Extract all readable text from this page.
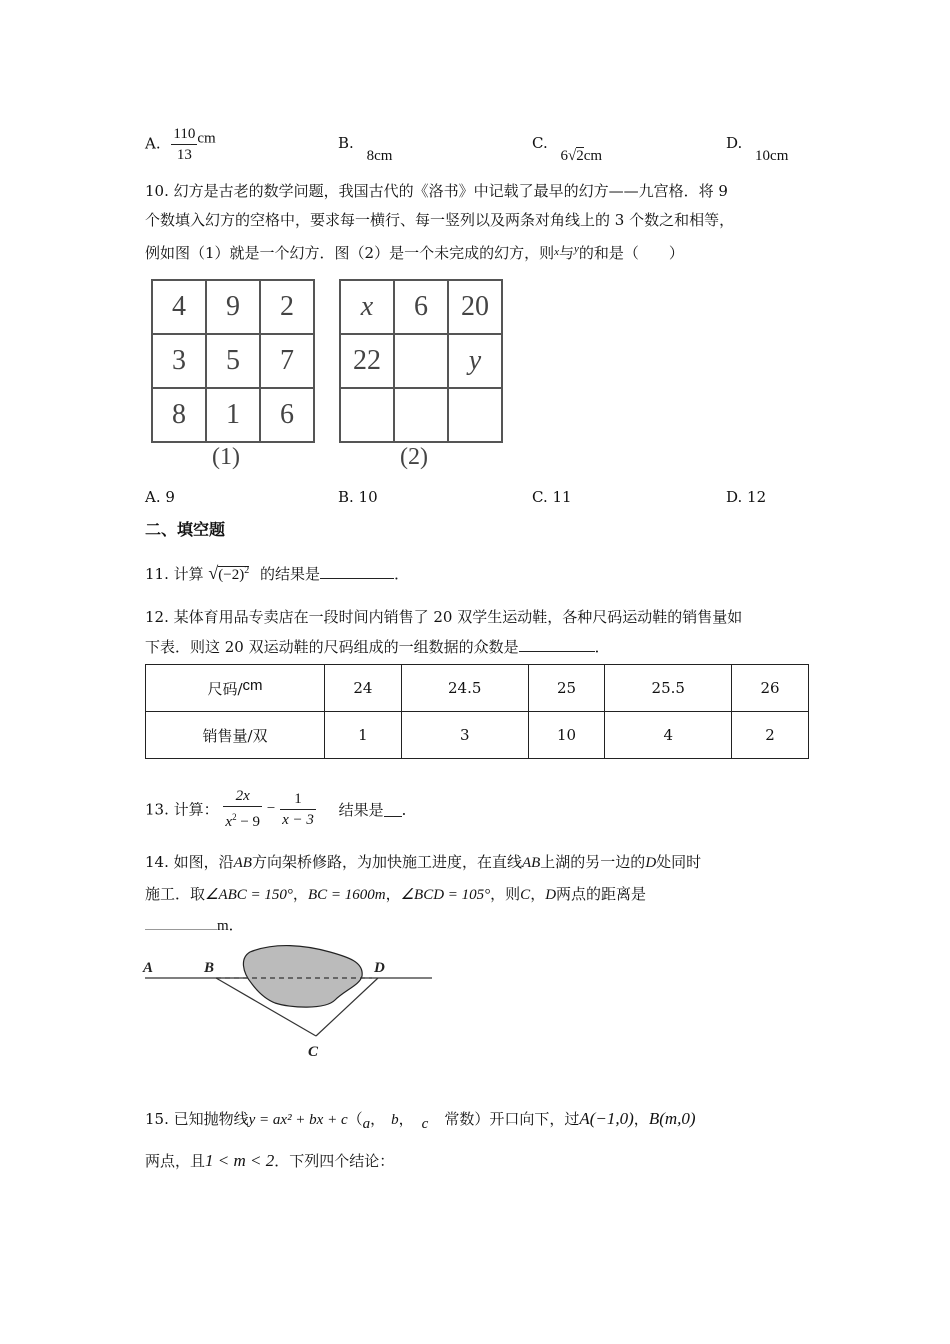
A. $\frac{110}{13}$ cm	B. 8cm
C. 6√2cm
D. 10cm
10. 幻方是古老的数学问题，我国古代的《洛书》中记载了最早的幻方——九宫格．将 9
个数填入幻方的空格中，要求每一横行、每一竖列以及两条对角线上的 3 个数之和相等，
例如图（1）就是一个幻方．图（2）是一个未完成的幻方，则$^x$与$^y$的和是（　　）
4	9	2
3	5	7
8	1	6
(1)
x	6	20
22		y

(2)
A. 9	B. 10	C. 11	D. 12
二、填空题
11. 计算 $√(-2)^2$ 的结果是	．
12. 某体育用品专卖店在一段时间内销售了 20 双学生运动鞋，各种尺码运动鞋的销售量如
下表．则这 20 双运动鞋的尺码组成的一组数据的众数是	．
尺码/cm	24	24.5	25	25.5	26
销售量/双	1	3	10	4	2
13. 计算： $\frac{2x}{x^2 - 9} - \frac{1}{x - 3}$ 结果是 ．
14. 如图，沿AB方向架桥修路，为加快施工进度，在直线AB上湖的另一边的D处同时
施工．取∠ABC = 150°，BC = 1600m，∠BCD = 105°，则C，D两点的距离是
m．
A	B
C
D
15. 已知抛物线y = ax² + bx + c（a， b， c 常数）开口向下，过A(−1,0)，B(m,0)
两点，且1 < m < 2．下列四个结论：
